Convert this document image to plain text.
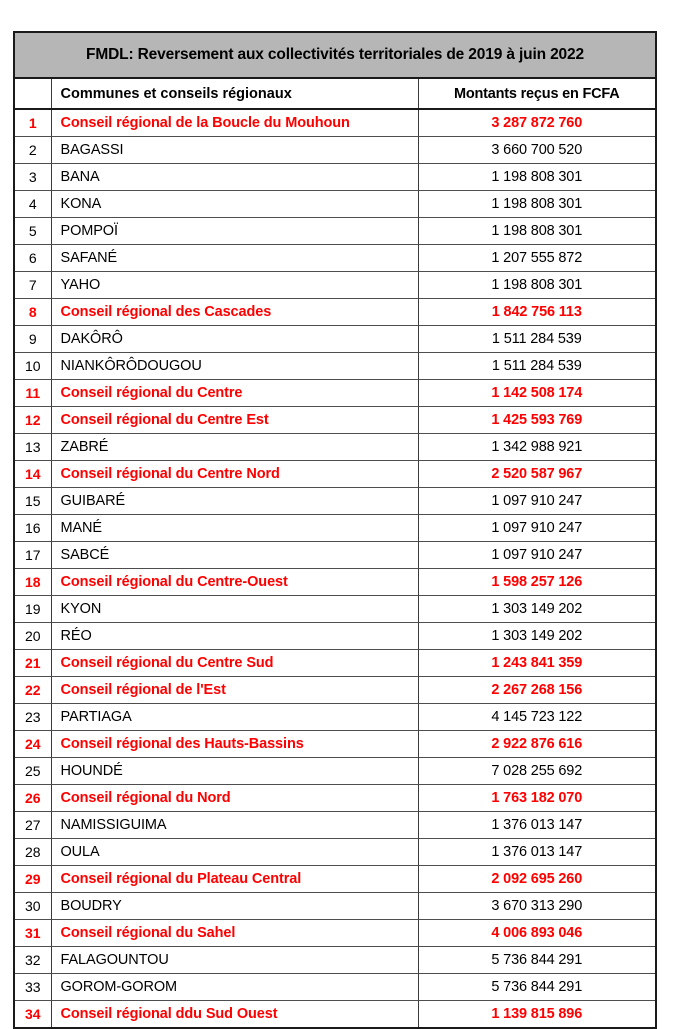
FMDL: Reversement aux collectivités territoriales de 2019 à juin 2022		
	Communes et conseils régionaux	Montants reçus en FCFA
1	Conseil régional de la Boucle du Mouhoun	3 287 872 760
2	BAGASSI	3 660 700 520
3	BANA	1 198 808 301
4	KONA	1 198 808 301
5	POMPOÏ	1 198 808 301
6	SAFANÉ	1 207 555 872
7	YAHO	1 198 808 301
8	Conseil régional des Cascades	1 842 756 113
9	DAKÔRÔ	1 511 284 539
10	NIANKÔRÔDOUGOU	1 511 284 539
11	Conseil régional du Centre	1 142 508 174
12	Conseil régional du Centre Est	1 425 593 769
13	ZABRÉ	1 342 988 921
14	Conseil régional du Centre Nord	2 520 587 967
15	GUIBARÉ	1 097 910 247
16	MANÉ	1 097 910 247
17	SABCÉ	1 097 910 247
18	Conseil régional du Centre-Ouest	1 598 257 126
19	KYON	1 303 149 202
20	RÉO	1 303 149 202
21	Conseil régional du Centre Sud	1 243 841 359
22	Conseil régional de l'Est	2 267 268 156
23	PARTIAGA	4 145 723 122
24	Conseil régional des Hauts-Bassins	2 922 876 616
25	HOUNDÉ	7 028 255 692
26	Conseil régional du Nord	1 763 182 070
27	NAMISSIGUIMA	1 376 013 147
28	OULA	1 376 013 147
29	Conseil régional du Plateau Central	2 092 695 260
30	BOUDRY	3 670 313 290
31	Conseil régional du Sahel	4 006 893 046
32	FALAGOUNTOU	5 736 844 291
33	GOROM-GOROM	5 736 844 291
34	Conseil régional ddu Sud Ouest	1 139 815 896
